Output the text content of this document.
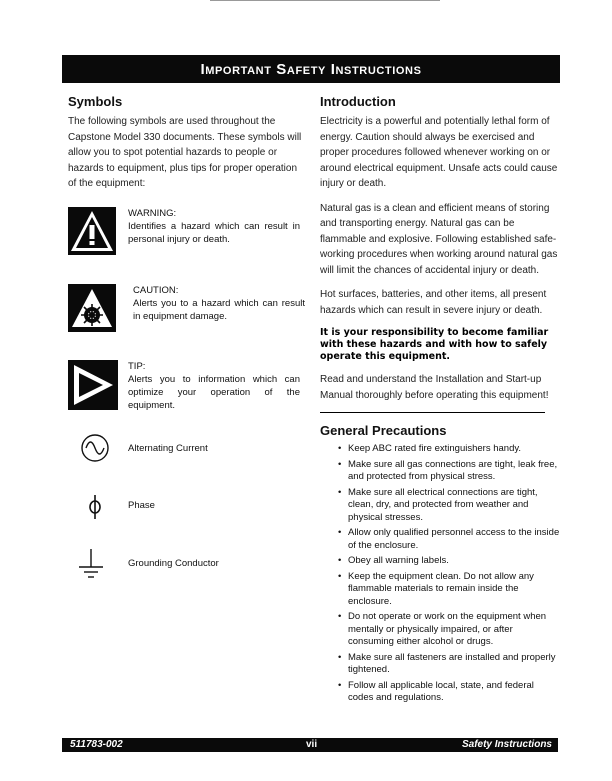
Important Safety Instructions
Symbols

The following symbols are used throughout the Capstone Model 330 documents. These symbols will allow you to spot potential hazards to people or hazards to equipment, plus tips for proper operation of the equipment:

WARNING:
Identifies a hazard which can result in personal injury or death.
CAUTION:
Alerts you to a hazard which can result in equipment damage.
TIP:
Alerts you to information which can optimize your operation of the equipment.
Alternating Current
Phase
Grounding Conductor
Introduction

Electricity is a powerful and potentially lethal form of energy. Caution should always be exercised and proper procedures followed whenever working on or around electrical equipment. Unsafe acts could cause injury or death.

Natural gas is a clean and efficient means of storing and transporting energy. Natural gas can be flammable and explosive. Following established safe-working procedures when working around natural gas will limit the chances of accidental injury or death.

Hot surfaces, batteries, and other items, all present hazards which can result in severe injury or death.

It is your responsibility to become familiar with these hazards and with how to safely operate this equipment.

Read and understand the Installation and Start-up Manual thoroughly before operating this equipment!

General Precautions
• Keep ABC rated fire extinguishers handy.
• Make sure all gas connections are tight, leak free, and protected from physical stress.
• Make sure all electrical connections are tight, clean, dry, and protected from weather and physical stresses.
• Allow only qualified personnel access to the inside of the enclosure.
• Obey all warning labels.
• Keep the equipment clean. Do not allow any flammable materials to remain inside the enclosure.
• Do not operate or work on the equipment when mentally or physically impaired, or after consuming either alcohol or drugs.
• Make sure all fasteners are installed and properly tightened.
• Follow all applicable local, state, and federal codes and regulations.
511783-002	vii	Safety Instructions
